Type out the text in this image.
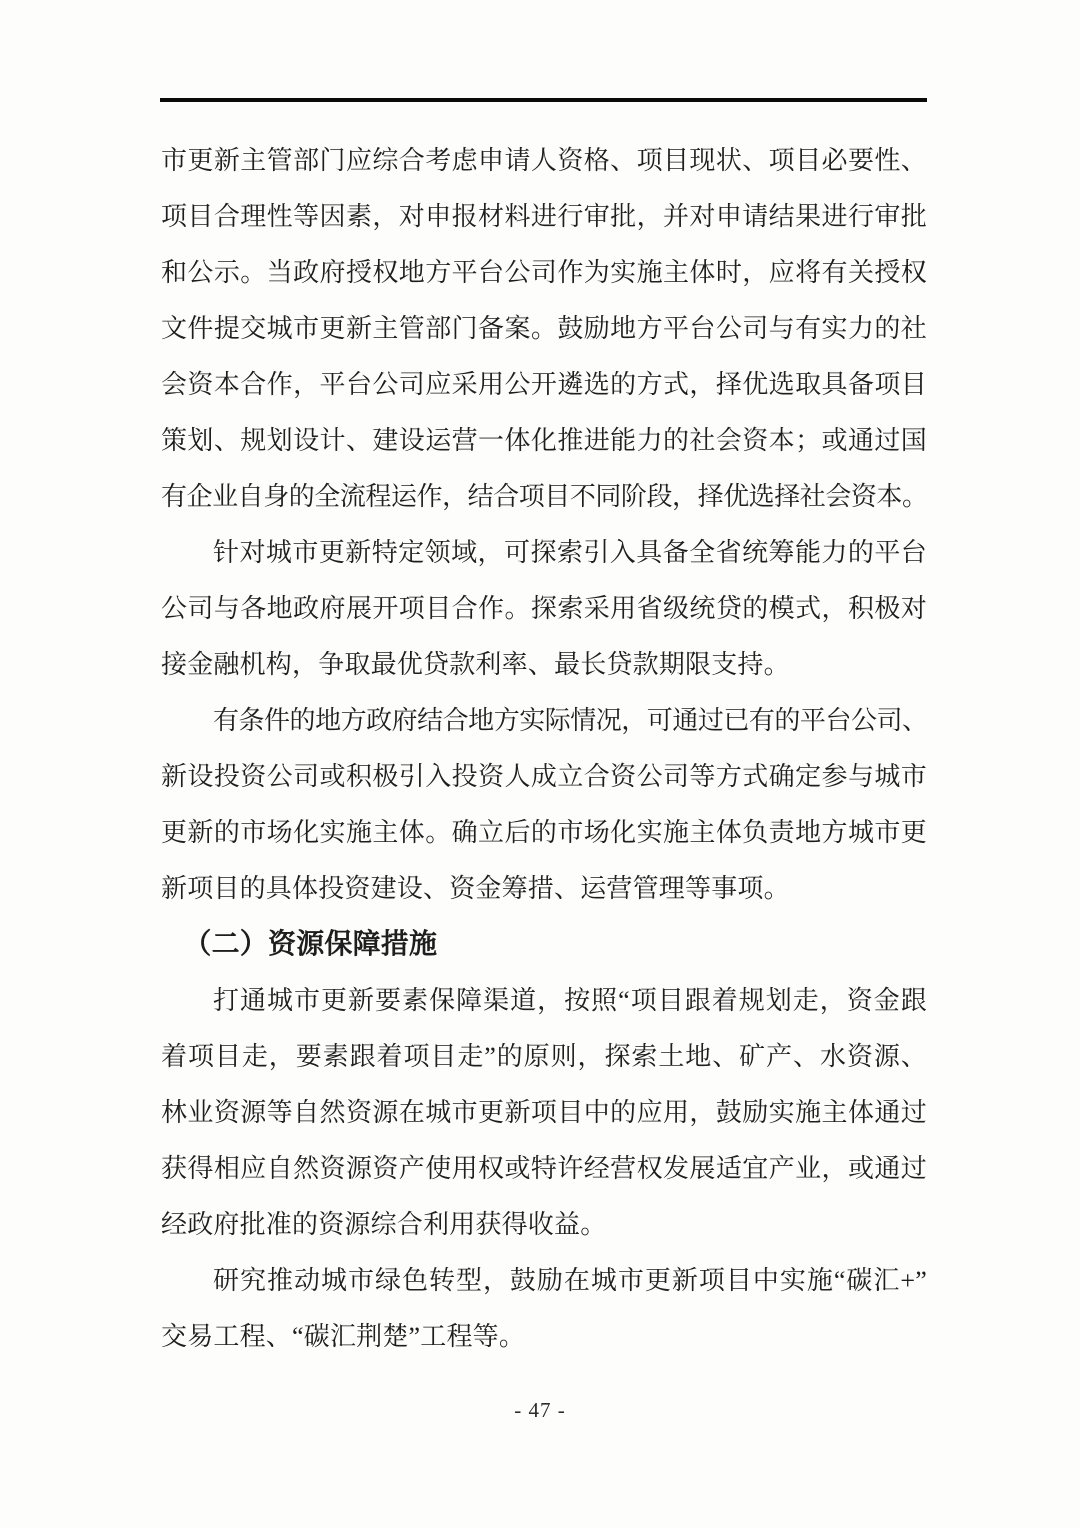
市更新主管部门应综合考虑申请人资格、项目现状、项目必要性、
项目合理性等因素，对申报材料进行审批，并对申请结果进行审批
和公示。当政府授权地方平台公司作为实施主体时，应将有关授权
文件提交城市更新主管部门备案。鼓励地方平台公司与有实力的社
会资本合作，平台公司应采用公开遴选的方式，择优选取具备项目
策划、规划设计、建设运营一体化推进能力的社会资本；或通过国
有企业自身的全流程运作，结合项目不同阶段，择优选择社会资本。
针对城市更新特定领域，可探索引入具备全省统筹能力的平台
公司与各地政府展开项目合作。探索采用省级统贷的模式，积极对
接金融机构，争取最优贷款利率、最长贷款期限支持。
有条件的地方政府结合地方实际情况，可通过已有的平台公司、
新设投资公司或积极引入投资人成立合资公司等方式确定参与城市
更新的市场化实施主体。确立后的市场化实施主体负责地方城市更
新项目的具体投资建设、资金筹措、运营管理等事项。
（二）资源保障措施
打通城市更新要素保障渠道，按照“项目跟着规划走，资金跟
着项目走，要素跟着项目走”的原则，探索土地、矿产、水资源、
林业资源等自然资源在城市更新项目中的应用，鼓励实施主体通过
获得相应自然资源资产使用权或特许经营权发展适宜产业，或通过
经政府批准的资源综合利用获得收益。
研究推动城市绿色转型，鼓励在城市更新项目中实施“碳汇+”
交易工程、“碳汇荆楚”工程等。
- 47 -
